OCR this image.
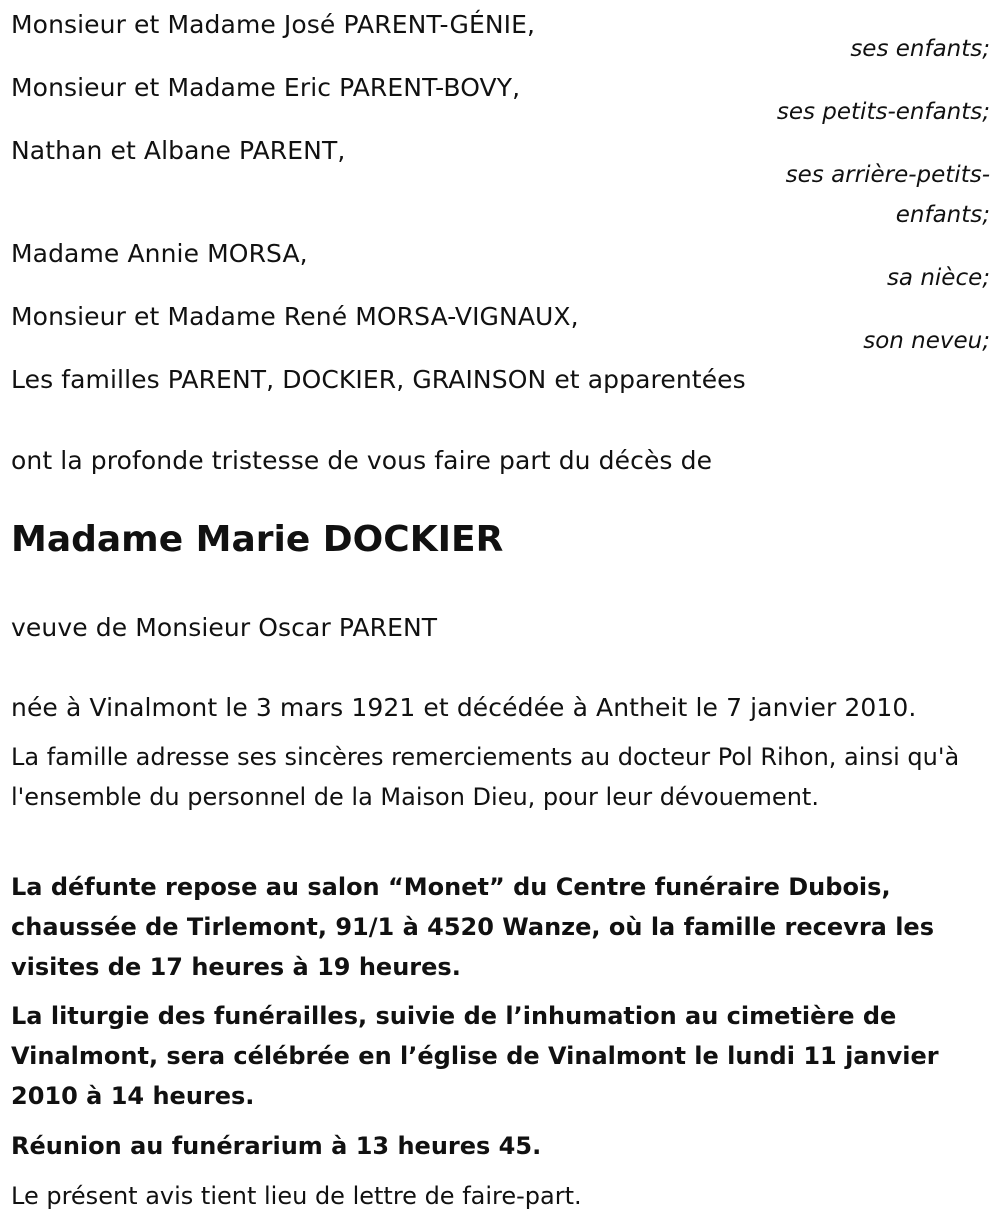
Monsieur et Madame José PARENT-GÉNIE,
ses enfants;
Monsieur et Madame Eric PARENT-BOVY,
ses petits-enfants;
Nathan et Albane PARENT,
ses arrière-petits-
enfants;
Madame Annie MORSA,
sa nièce;
Monsieur et Madame René MORSA-VIGNAUX,
son neveu;
Les familles PARENT, DOCKIER, GRAINSON et apparentées
ont la profonde tristesse de vous faire part du décès de
Madame Marie DOCKIER
veuve de Monsieur Oscar PARENT
née à Vinalmont le 3 mars 1921 et décédée à Antheit le 7 janvier 2010.
La famille adresse ses sincères remerciements au docteur Pol Rihon, ainsi qu'à l'ensemble du personnel de la Maison Dieu, pour leur dévouement.
La défunte repose au salon “Monet” du Centre funéraire Dubois, chaussée de Tirlemont, 91/1 à 4520 Wanze, où la famille recevra les visites de 17 heures à 19 heures.
La liturgie des funérailles, suivie de l’inhumation au cimetière de Vinalmont, sera célébrée en l’église de Vinalmont le lundi 11 janvier 2010 à 14 heures.
Réunion au funérarium à 13 heures 45.
Le présent avis tient lieu de lettre de faire-part.
